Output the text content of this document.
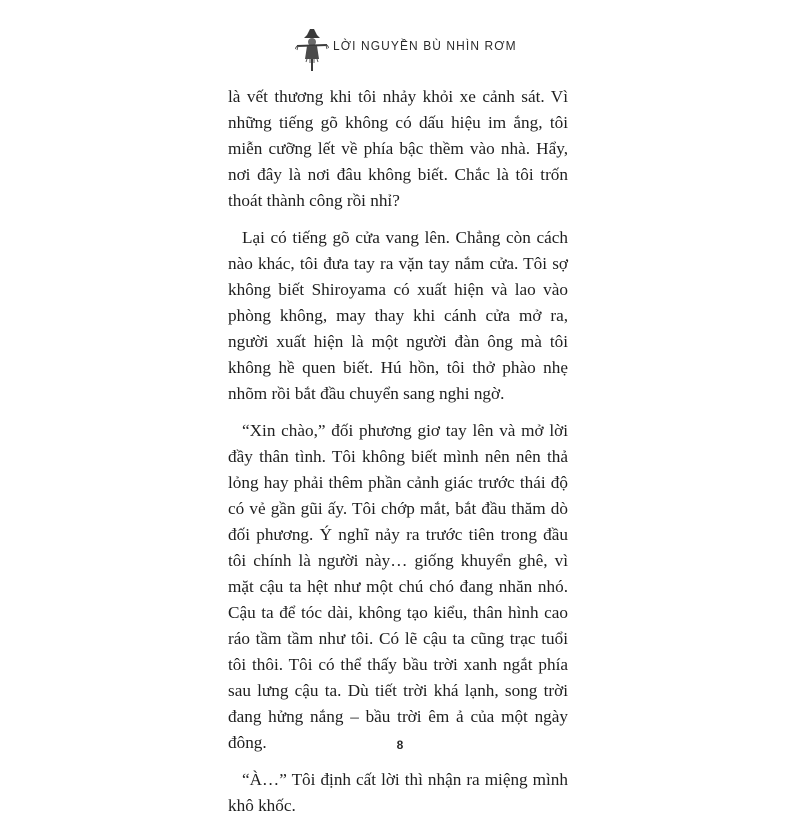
LỜI NGUYỀN BÙ NHÌN RƠM

là vết thương khi tôi nhảy khỏi xe cảnh sát. Vì những tiếng gõ không có dấu hiệu im ắng, tôi miễn cưỡng lết về phía bậc thềm vào nhà. Hẩy, nơi đây là nơi đâu không biết. Chắc là tôi trốn thoát thành công rồi nhỉ?

Lại có tiếng gõ cửa vang lên. Chẳng còn cách nào khác, tôi đưa tay ra vặn tay nắm cửa. Tôi sợ không biết Shiroyama có xuất hiện và lao vào phòng không, may thay khi cánh cửa mở ra, người xuất hiện là một người đàn ông mà tôi không hề quen biết. Hú hồn, tôi thở phào nhẹ nhõm rồi bắt đầu chuyển sang nghi ngờ.

“Xin chào,” đối phương giơ tay lên và mở lời đầy thân tình. Tôi không biết mình nên nên thả lỏng hay phải thêm phần cảnh giác trước thái độ có vẻ gần gũi ấy. Tôi chớp mắt, bắt đầu thăm dò đối phương. Ý nghĩ nảy ra trước tiên trong đầu tôi chính là người này… giống khuyển ghê, vì mặt cậu ta hệt như một chú chó đang nhăn nhó. Cậu ta để tóc dài, không tạo kiểu, thân hình cao ráo tầm tầm như tôi. Có lẽ cậu ta cũng trạc tuổi tôi thôi. Tôi có thể thấy bầu trời xanh ngắt phía sau lưng cậu ta. Dù tiết trời khá lạnh, song trời đang hửng nắng – bầu trời êm ả của một ngày đông.

“À…” Tôi định cất lời thì nhận ra miệng mình khô khốc.

8
